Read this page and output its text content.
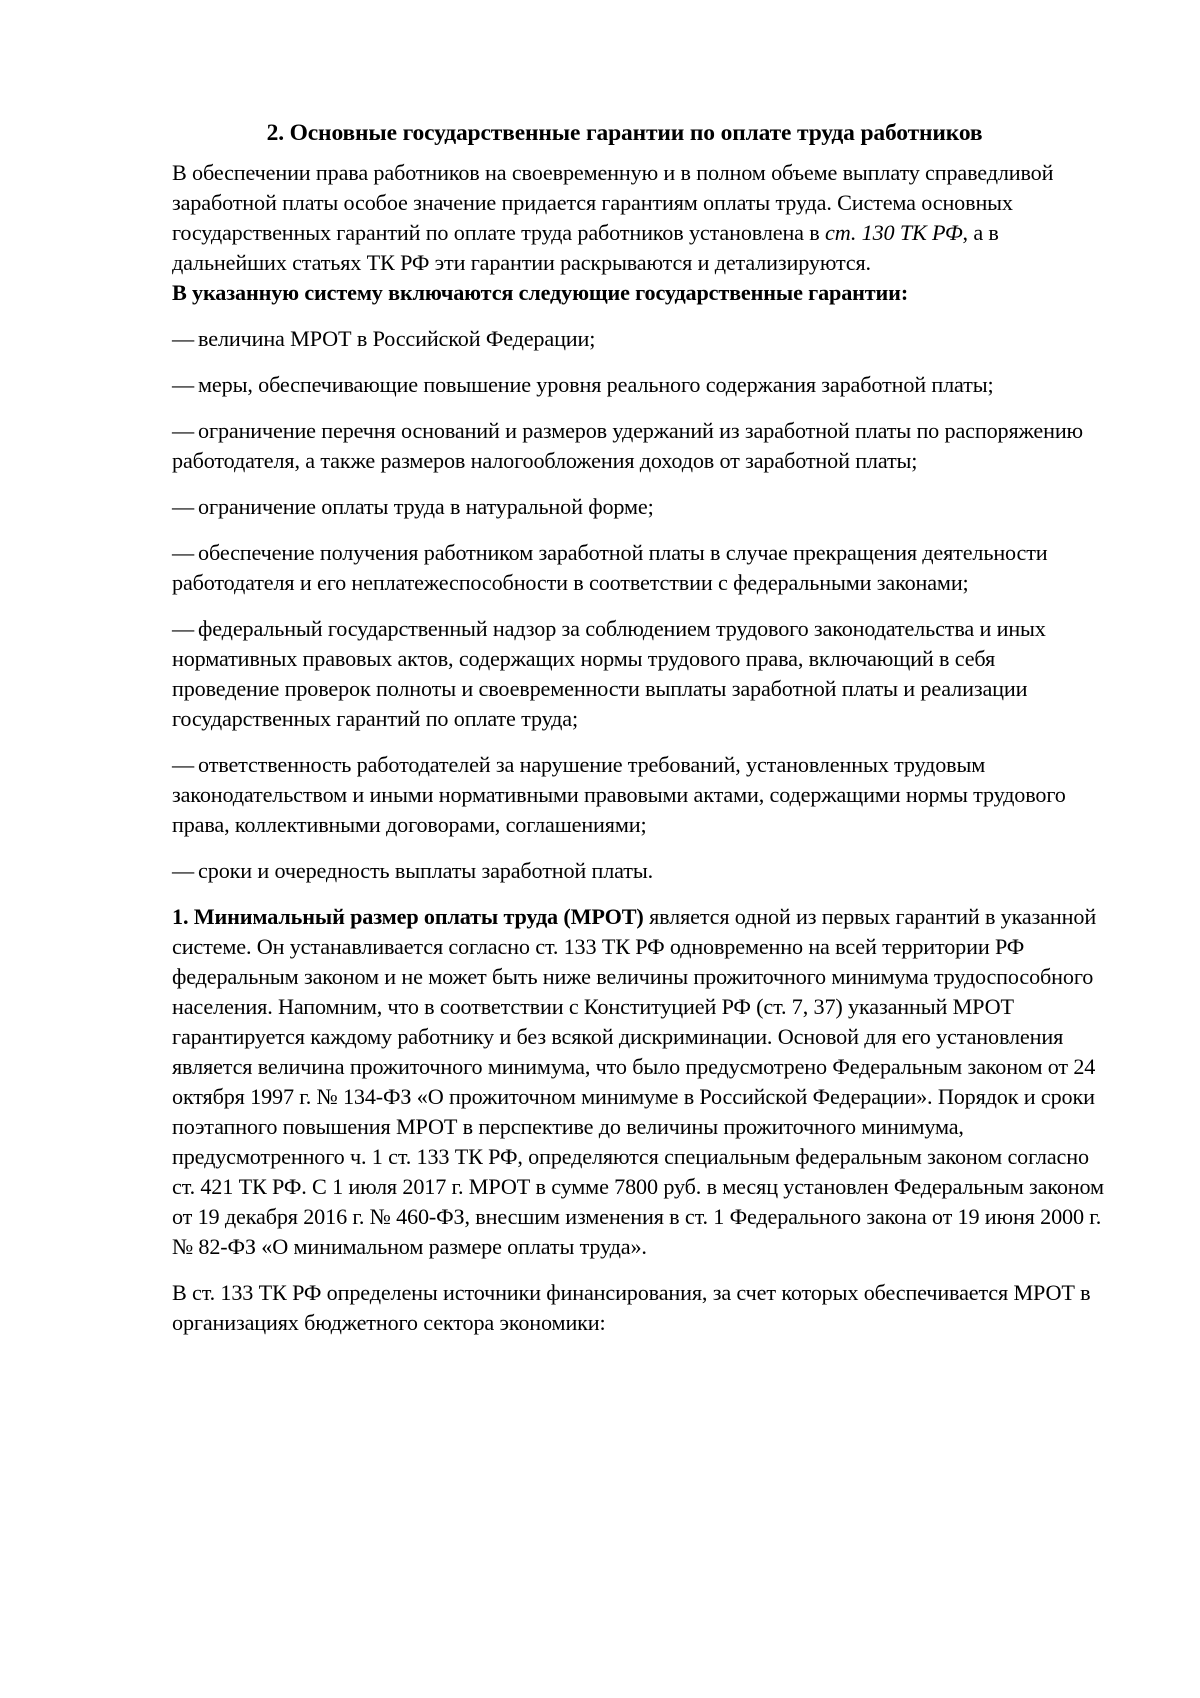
2. Основные государственные гарантии по оплате труда работников

В обеспечении права работников на своевременную и в полном объеме выплату справедливой заработной платы особое значение придается гарантиям оплаты труда. Система основных государственных гарантий по оплате труда работников установлена в ст. 130 ТК РФ, а в дальнейших статьях ТК РФ эти гарантии раскрываются и детализируются.

В указанную систему включаются следующие государственные гарантии:

— величина МРОТ в Российской Федерации;

— меры, обеспечивающие повышение уровня реального содержания заработной платы;

— ограничение перечня оснований и размеров удержаний из заработной платы по распоряжению работодателя, а также размеров налогообложения доходов от заработной платы;

— ограничение оплаты труда в натуральной форме;

— обеспечение получения работником заработной платы в случае прекращения деятельности работодателя и его неплатежеспособности в соответствии с федеральными законами;

— федеральный государственный надзор за соблюдением трудового законодательства и иных нормативных правовых актов, содержащих нормы трудового права, включающий в себя проведение проверок полноты и своевременности выплаты заработной платы и реализации государственных гарантий по оплате труда;

— ответственность работодателей за нарушение требований, установленных трудовым законодательством и иными нормативными правовыми актами, содержащими нормы трудового права, коллективными договорами, соглашениями;

— сроки и очередность выплаты заработной платы.

1. Минимальный размер оплаты труда (МРОТ) является одной из первых гарантий в указанной системе. Он устанавливается согласно ст. 133 ТК РФ одновременно на всей территории РФ федеральным законом и не может быть ниже величины прожиточного минимума трудоспособного населения. Напомним, что в соответствии с Конституцией РФ (ст. 7, 37) указанный МРОТ гарантируется каждому работнику и без всякой дискриминации. Основой для его установления является величина прожиточного минимума, что было предусмотрено Федеральным законом от 24 октября 1997 г. № 134-ФЗ «О прожиточном минимуме в Российской Федерации». Порядок и сроки поэтапного повышения МРОТ в перспективе до величины прожиточного минимума, предусмотренного ч. 1 ст. 133 ТК РФ, определяются специальным федеральным законом согласно ст. 421 ТК РФ. С 1 июля 2017 г. МРОТ в сумме 7800 руб. в месяц установлен Федеральным законом от 19 декабря 2016 г. № 460-ФЗ, внесшим изменения в ст. 1 Федерального закона от 19 июня 2000 г. № 82-ФЗ «О минимальном размере оплаты труда».

В ст. 133 ТК РФ определены источники финансирования, за счет которых обеспечивается МРОТ в организациях бюджетного сектора экономики:
